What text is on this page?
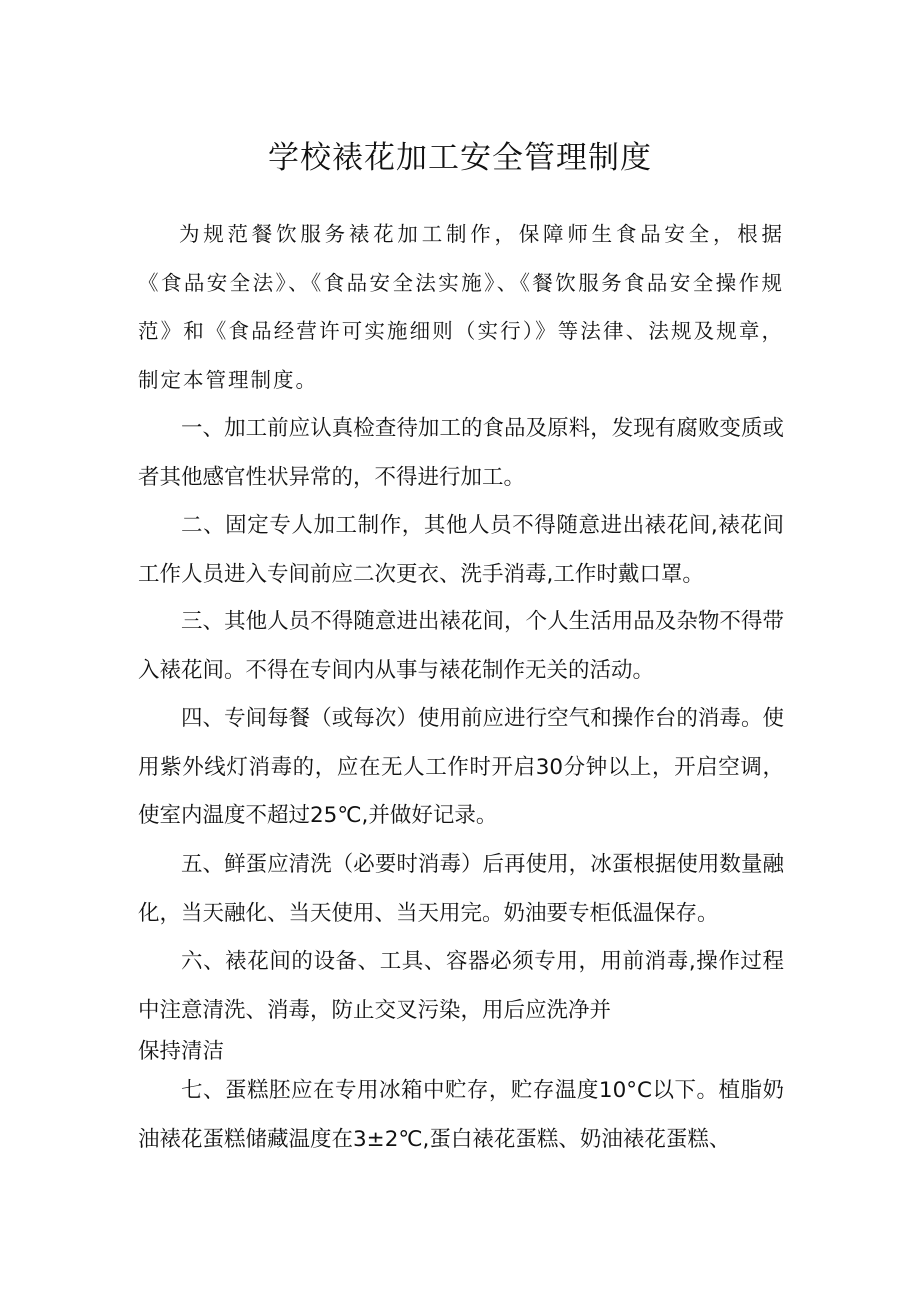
学校裱花加工安全管理制度

为规范餐饮服务裱花加工制作，保障师生食品安全，根据《食品安全法》、《食品安全法实施》、《餐饮服务食品安全操作规范》和《食品经营许可实施细则（实行）》等法律、法规及规章，制定本管理制度。

一、加工前应认真检查待加工的食品及原料，发现有腐败变质或者其他感官性状异常的，不得进行加工。

二、固定专人加工制作，其他人员不得随意进出裱花间,裱花间工作人员进入专间前应二次更衣、洗手消毒,工作时戴口罩。

三、其他人员不得随意进出裱花间，个人生活用品及杂物不得带入裱花间。不得在专间内从事与裱花制作无关的活动。

四、专间每餐（或每次）使用前应进行空气和操作台的消毒。使用紫外线灯消毒的，应在无人工作时开启30分钟以上，开启空调，使室内温度不超过25℃,并做好记录。

五、鲜蛋应清洗（必要时消毒）后再使用，冰蛋根据使用数量融化，当天融化、当天使用、当天用完。奶油要专柜低温保存。

六、裱花间的设备、工具、容器必须专用，用前消毒,操作过程中注意清洗、消毒，防止交叉污染，用后应洗净并
保持清洁

七、蛋糕胚应在专用冰箱中贮存，贮存温度10°C以下。植脂奶油裱花蛋糕储藏温度在3±2℃,蛋白裱花蛋糕、奶油裱花蛋糕、
